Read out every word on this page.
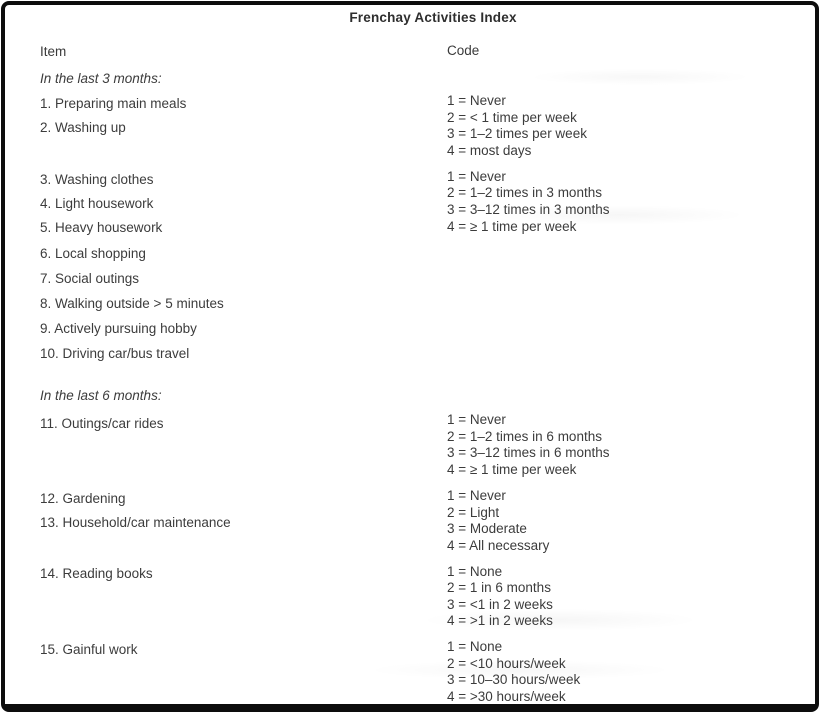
Frenchay Activities Index
Item	Code
In the last 3 months:
1. Preparing main meals
2. Washing up
3. Washing clothes
4. Light housework
5. Heavy housework
6. Local shopping
7. Social outings
8. Walking outside > 5 minutes
9. Actively pursuing hobby
10. Driving car/bus travel
In the last 6 months:
11. Outings/car rides
12. Gardening
13. Household/car maintenance
14. Reading books
15. Gainful work
1 = Never
2 = < 1 time per week
3 = 1–2 times per week
4 = most days
1 = Never
2 = 1–2 times in 3 months
3 = 3–12 times in 3 months
4 = ≥ 1 time per week
1 = Never
2 = 1–2 times in 6 months
3 = 3–12 times in 6 months
4 = ≥ 1 time per week
1 = Never
2 = Light
3 = Moderate
4 = All necessary
1 = None
2 = 1 in 6 months
3 = <1 in 2 weeks
4 = >1 in 2 weeks
1 = None
2 = <10 hours/week
3 = 10–30 hours/week
4 = >30 hours/week
